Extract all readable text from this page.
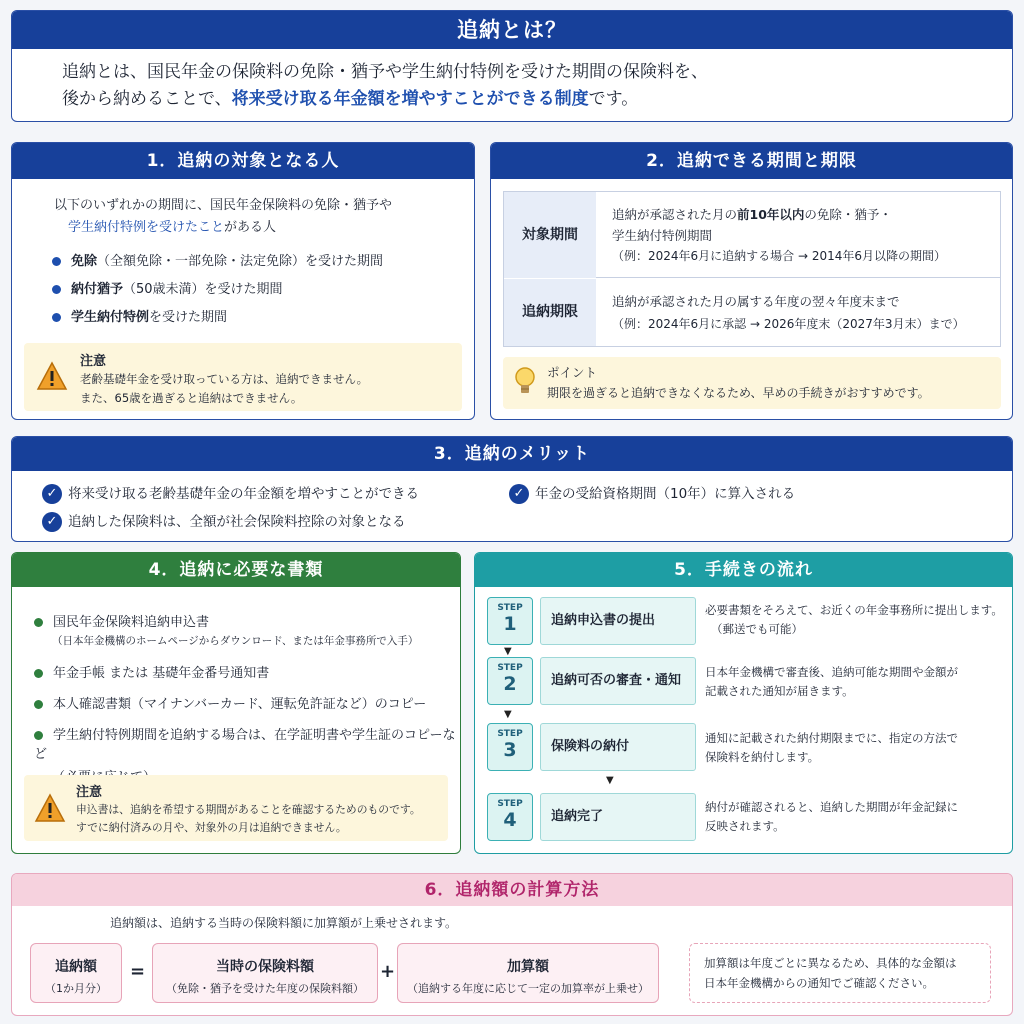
追納とは？
追納とは、国民年金の保険料の免除・猶予や学生納付特例を受けた期間の保険料を、
後から納めることで、将来受け取る年金額を増やすことができる制度です。
1．追納の対象となる人
以下のいずれかの期間に、国民年金保険料の免除・猶予や
学生納付特例を受けたことがある人
免除（全額免除・一部免除・法定免除）を受けた期間
納付猶予（50歳未満）を受けた期間
学生納付特例を受けた期間
注意
老齢基礎年金を受け取っている方は、追納できません。
また、65歳を過ぎると追納はできません。
2．追納できる期間と期限
対象期間
追納が承認された月の前10年以内の免除・猶予・
学生納付特例期間
（例：2024年6月に追納する場合 → 2014年6月以降の期間）
追納期限
追納が承認された月の属する年度の翌々年度末まで
（例：2024年6月に承認 → 2026年度末（2027年3月末）まで）
ポイント
期限を過ぎると追納できなくなるため、早めの手続きがおすすめです。
3．追納のメリット
✓ 将来受け取る老齢基礎年金の年金額を増やすことができる	✓ 年金の受給資格期間（10年）に算入される
✓ 追納した保険料は、全額が社会保険料控除の対象となる
4．追納に必要な書類
国民年金保険料追納申込書
（日本年金機構のホームページからダウンロード、または年金事務所で入手）
年金手帳 または 基礎年金番号通知書
本人確認書類（マイナンバーカード、運転免許証など）のコピー
学生納付特例期間を追納する場合は、在学証明書や学生証のコピーなど
注意
申込書は、追納を希望する期間があることを確認するためのものです。
すでに納付済みの月や、対象外の月は追納できません。
5．手続きの流れ
STEP
1	追納申込書の提出
必要書類をそろえて、お近くの年金事務所に提出します。
（郵送でも可能）
▼
STEP
2	追納可否の審査・通知
日本年金機構で審査後、追納可能な期間や金額が
記載された通知が届きます。
▼
STEP
3	保険料の納付
通知に記載された納付期限までに、指定の方法で
保険料を納付します。
▼
STEP
4	追納完了
納付が確認されると、追納した期間が年金記録に
反映されます。
6．追納額の計算方法
追納額は、追納する当時の保険料額に加算額が上乗せされます。
追納額
（1か月分）
=	当時の保険料額
（免除・猶予を受けた年度の保険料額）
+	加算額
（追納する年度に応じて一定の加算率が上乗せ）
加算額は年度ごとに異なるため、具体的な金額は
日本年金機構からの通知でご確認ください。
